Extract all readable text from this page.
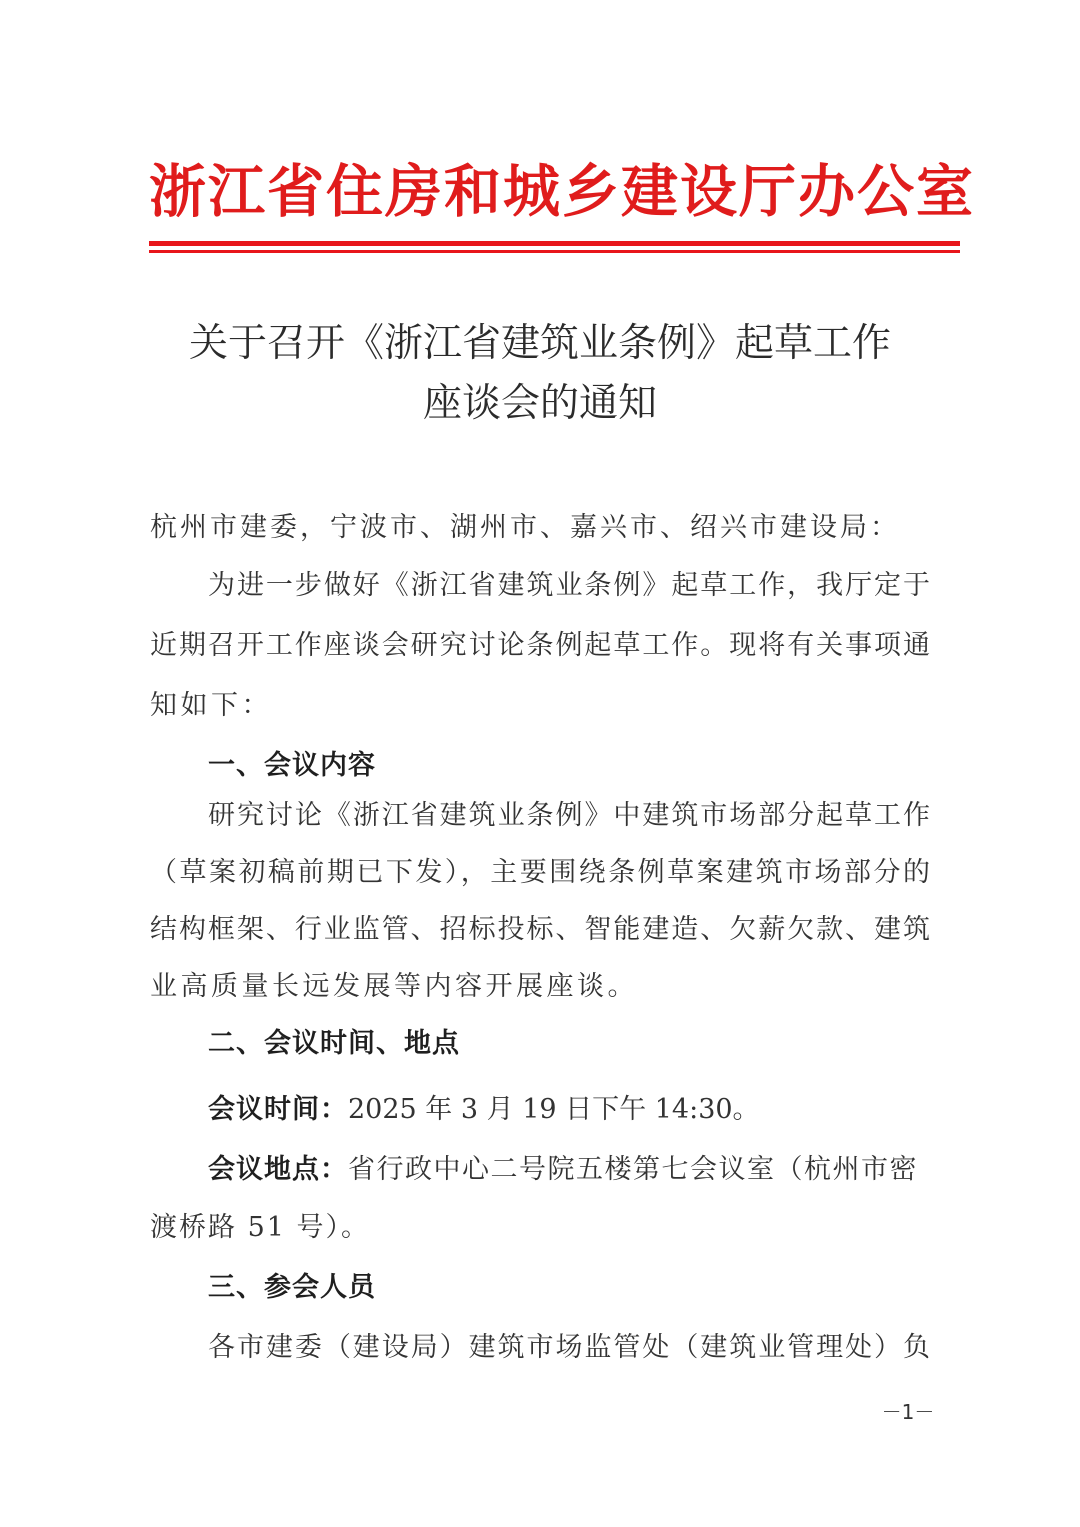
浙江省住房和城乡建设厅办公室
关于召开《浙江省建筑业条例》起草工作
座谈会的通知
杭州市建委，宁波市、湖州市、嘉兴市、绍兴市建设局：
为进一步做好《浙江省建筑业条例》起草工作，我厅定于
近期召开工作座谈会研究讨论条例起草工作。现将有关事项通
知如下：
一、会议内容
研究讨论《浙江省建筑业条例》中建筑市场部分起草工作
（草案初稿前期已下发），主要围绕条例草案建筑市场部分的
结构框架、行业监管、招标投标、智能建造、欠薪欠款、建筑
业高质量长远发展等内容开展座谈。
二、会议时间、地点
会议时间：2025 年 3 月 19 日下午 14:30。
会议地点：省行政中心二号院五楼第七会议室（杭州市密
渡桥路 51 号）。
三、参会人员
各市建委（建设局）建筑市场监管处（建筑业管理处）负
－1－
